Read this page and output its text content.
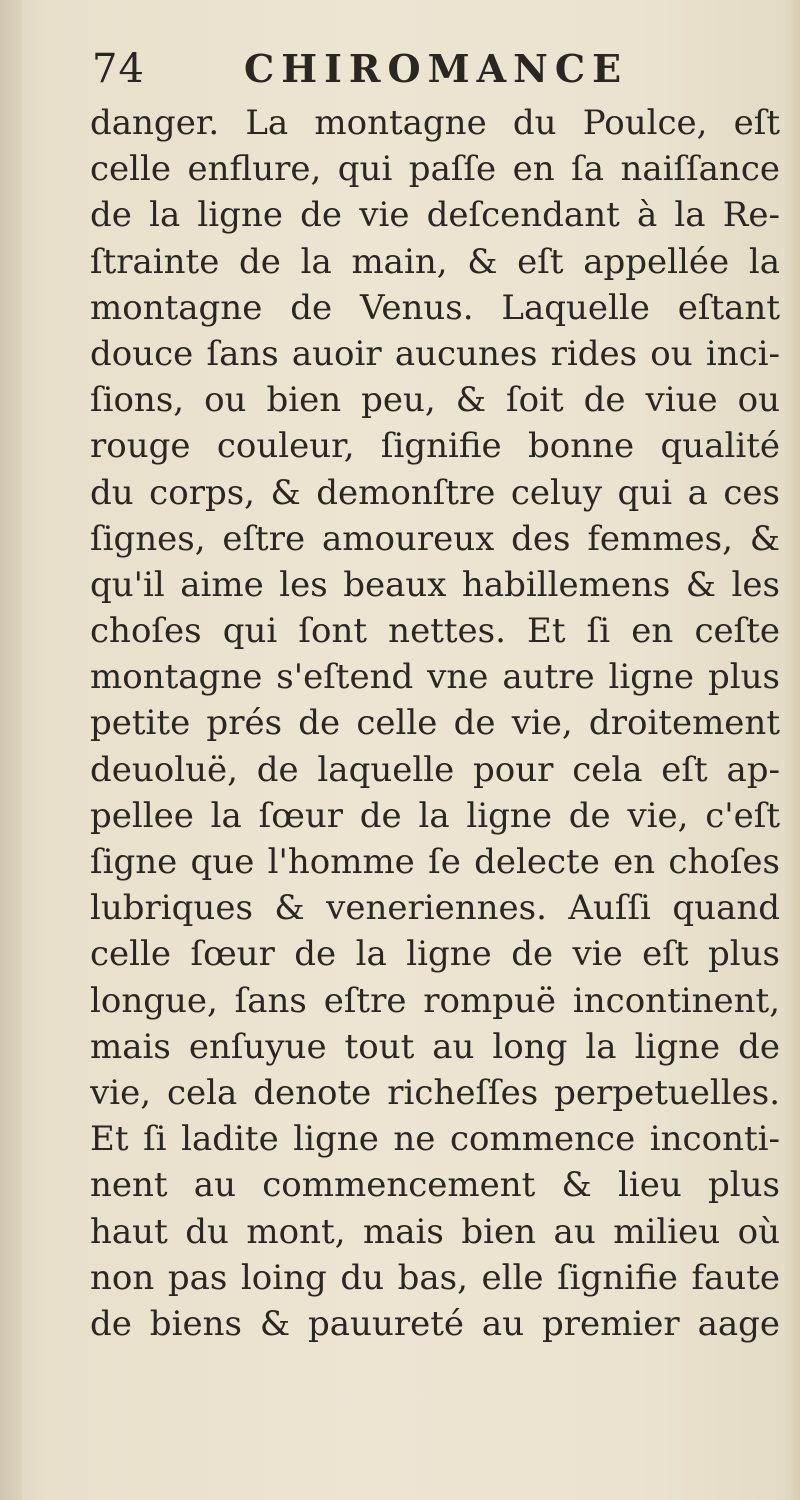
74	CHIROMANCE
danger. La montagne du Poulce, eſt
celle enflure, qui paſſe en ſa naiſſance
de la ligne de vie deſcendant à la Re-
ſtrainte de la main, & eſt appellée la
montagne de Venus. Laquelle eſtant
douce ſans auoir aucunes rides ou inci-
ſions, ou bien peu, & ſoit de viue ou
rouge couleur, ſignifie bonne qualité
du corps, & demonſtre celuy qui a ces
ſignes, eſtre amoureux des femmes, &
qu'il aime les beaux habillemens & les
choſes qui ſont nettes. Et ſi en ceſte
montagne s'eſtend vne autre ligne plus
petite prés de celle de vie, droitement
deuoluë, de laquelle pour cela eſt ap-
pellee la ſœur de la ligne de vie, c'eſt
ſigne que l'homme ſe delecte en choſes
lubriques & veneriennes. Auſſi quand
celle ſœur de la ligne de vie eſt plus
longue, ſans eſtre rompuë incontinent,
mais enſuyue tout au long la ligne de
vie, cela denote richeſſes perpetuelles.
Et ſi ladite ligne ne commence inconti-
nent au commencement & lieu plus
haut du mont, mais bien au milieu où
non pas loing du bas, elle ſignifie faute
de biens & pauureté au premier aage
